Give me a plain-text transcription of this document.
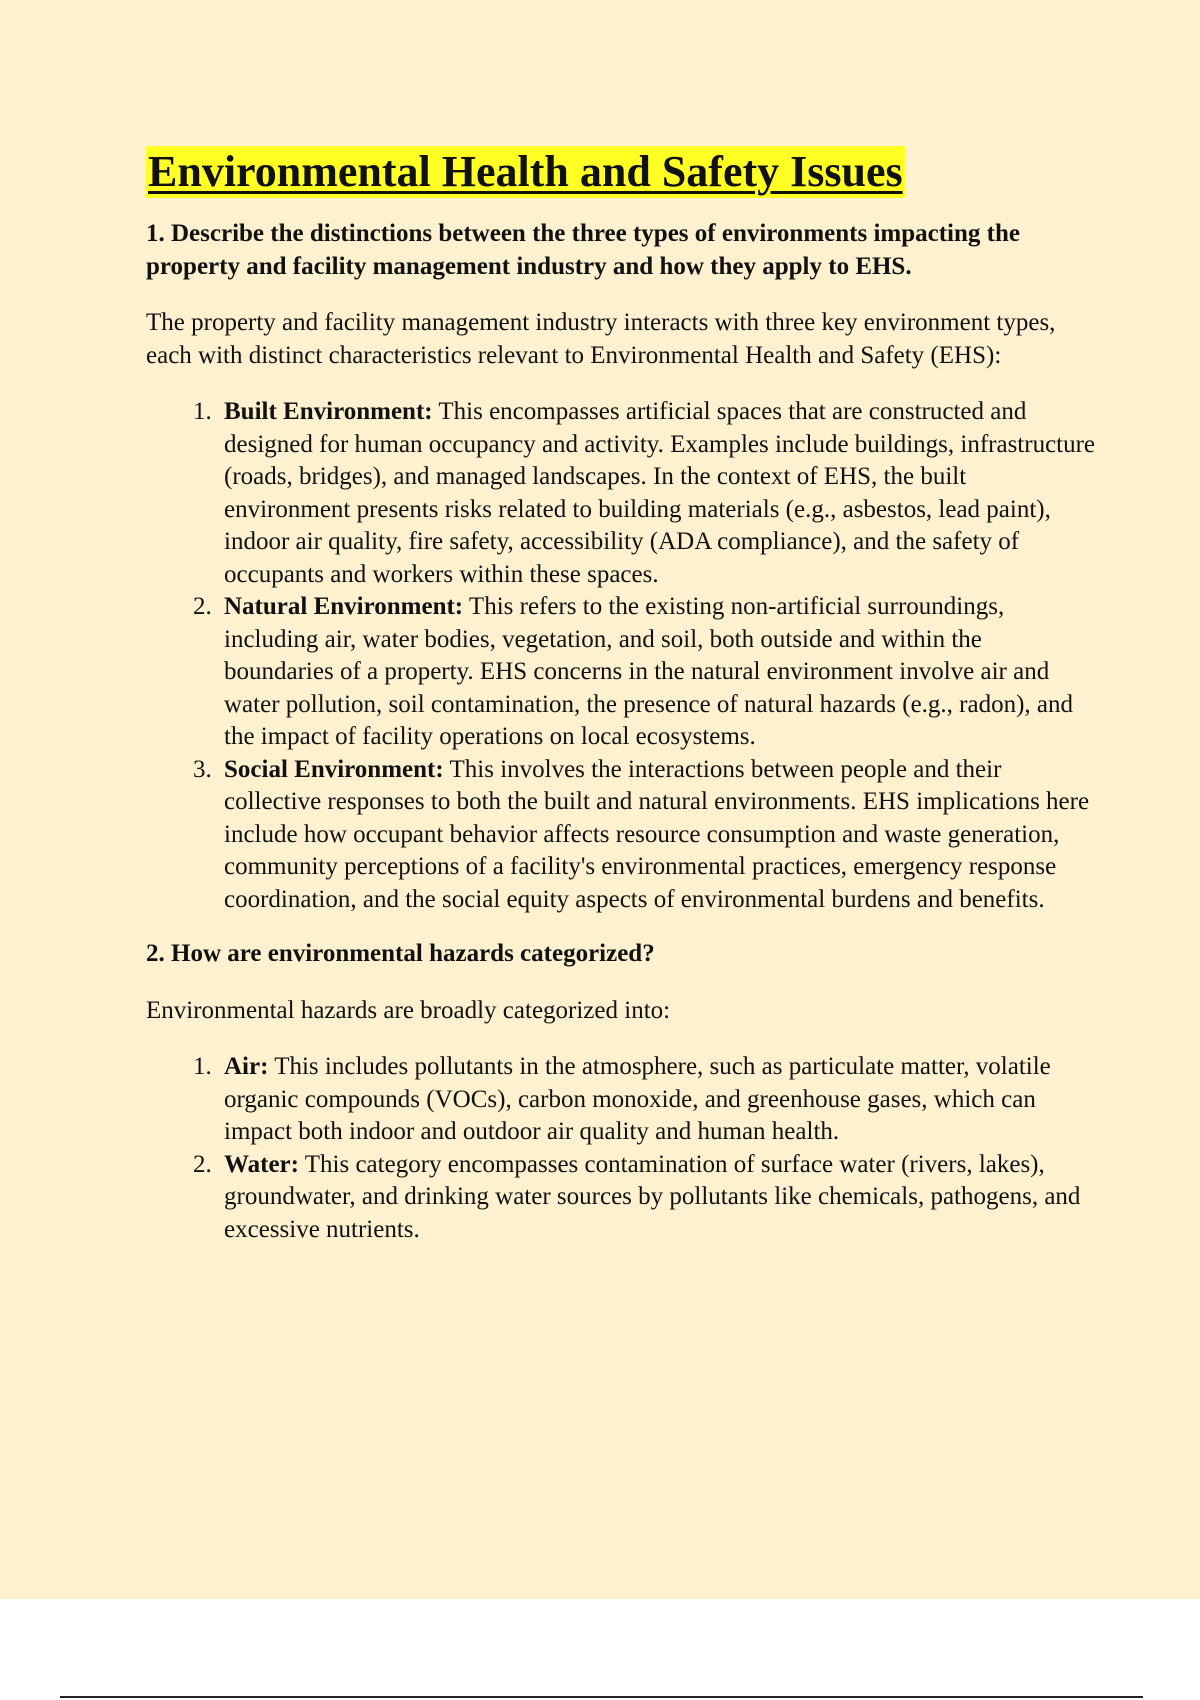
Environmental Health and Safety Issues
1. Describe the distinctions between the three types of environments impacting the property and facility management industry and how they apply to EHS.

The property and facility management industry interacts with three key environment types, each with distinct characteristics relevant to Environmental Health and Safety (EHS):

1. Built Environment: This encompasses artificial spaces that are constructed and designed for human occupancy and activity. Examples include buildings, infrastructure (roads, bridges), and managed landscapes. In the context of EHS, the built environment presents risks related to building materials (e.g., asbestos, lead paint), indoor air quality, fire safety, accessibility (ADA compliance), and the safety of occupants and workers within these spaces.
2. Natural Environment: This refers to the existing non-artificial surroundings, including air, water bodies, vegetation, and soil, both outside and within the boundaries of a property. EHS concerns in the natural environment involve air and water pollution, soil contamination, the presence of natural hazards (e.g., radon), and the impact of facility operations on local ecosystems.
3. Social Environment: This involves the interactions between people and their collective responses to both the built and natural environments. EHS implications here include how occupant behavior affects resource consumption and waste generation, community perceptions of a facility's environmental practices, emergency response coordination, and the social equity aspects of environmental burdens and benefits.
2. How are environmental hazards categorized?

Environmental hazards are broadly categorized into:

1. Air: This includes pollutants in the atmosphere, such as particulate matter, volatile organic compounds (VOCs), carbon monoxide, and greenhouse gases, which can impact both indoor and outdoor air quality and human health.
2. Water: This category encompasses contamination of surface water (rivers, lakes), groundwater, and drinking water sources by pollutants like chemicals, pathogens, and excessive nutrients.
